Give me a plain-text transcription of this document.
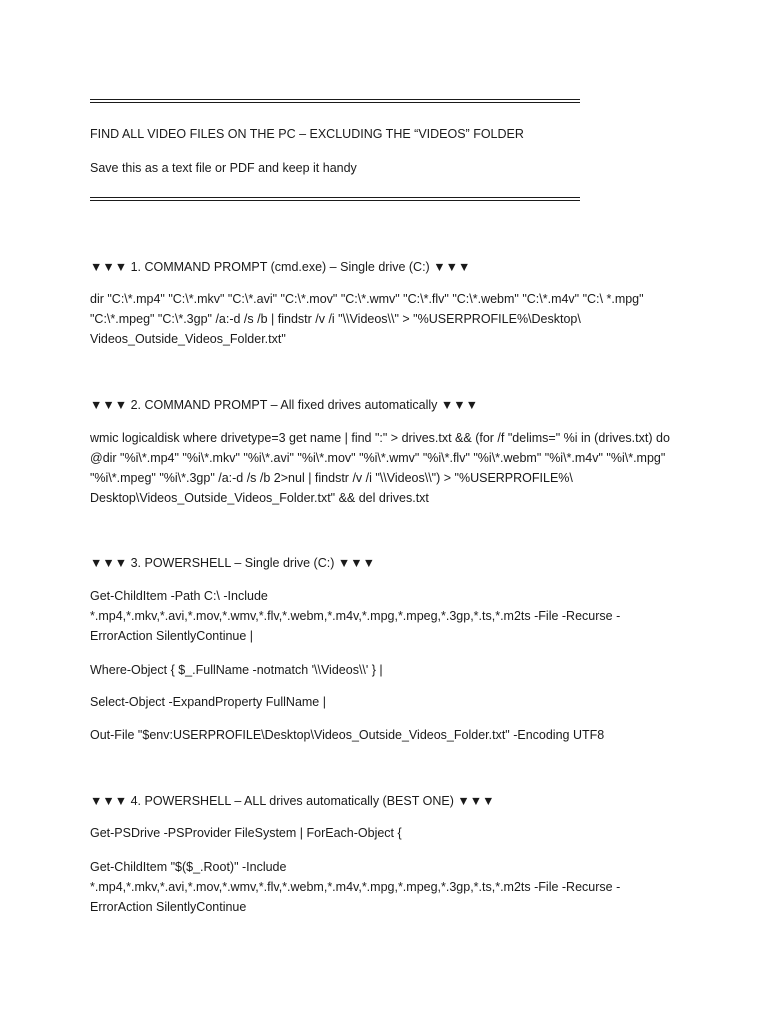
FIND ALL VIDEO FILES ON THE PC – EXCLUDING THE “VIDEOS” FOLDER
Save this as a text file or PDF and keep it handy
▼▼▼ 1. COMMAND PROMPT (cmd.exe) – Single drive (C:) ▼▼▼
dir "C:\*.mp4" "C:\*.mkv" "C:\*.avi" "C:\*.mov" "C:\*.wmv" "C:\*.flv" "C:\*.webm" "C:\*.m4v" "C:\ *.mpg" "C:\*.mpeg" "C:\*.3gp" /a:-d /s /b | findstr /v /i "\\Videos\\" > "%USERPROFILE%\Desktop\ Videos_Outside_Videos_Folder.txt"
▼▼▼ 2. COMMAND PROMPT – All fixed drives automatically ▼▼▼
wmic logicaldisk where drivetype=3 get name | find ":" > drives.txt && (for /f "delims=" %i in (drives.txt) do @dir "%i\*.mp4" "%i\*.mkv" "%i\*.avi" "%i\*.mov" "%i\*.wmv" "%i\*.flv" "%i\*.webm" "%i\*.m4v" "%i\*.mpg" "%i\*.mpeg" "%i\*.3gp" /a:-d /s /b 2>nul | findstr /v /i "\\Videos\\") > "%USERPROFILE%\ Desktop\Videos_Outside_Videos_Folder.txt" && del drives.txt
▼▼▼ 3. POWERSHELL – Single drive (C:) ▼▼▼
Get-ChildItem -Path C:\ -Include *.mp4,*.mkv,*.avi,*.mov,*.wmv,*.flv,*.webm,*.m4v,*.mpg,*.mpeg,*.3gp,*.ts,*.m2ts -File -Recurse -ErrorAction SilentlyContinue |
Where-Object { $_.FullName -notmatch '\\Videos\\' } |
Select-Object -ExpandProperty FullName |
Out-File "$env:USERPROFILE\Desktop\Videos_Outside_Videos_Folder.txt" -Encoding UTF8
▼▼▼ 4. POWERSHELL – ALL drives automatically (BEST ONE) ▼▼▼
Get-PSDrive -PSProvider FileSystem | ForEach-Object {
Get-ChildItem "$($_.Root)" -Include *.mp4,*.mkv,*.avi,*.mov,*.wmv,*.flv,*.webm,*.m4v,*.mpg,*.mpeg,*.3gp,*.ts,*.m2ts -File -Recurse -ErrorAction SilentlyContinue
